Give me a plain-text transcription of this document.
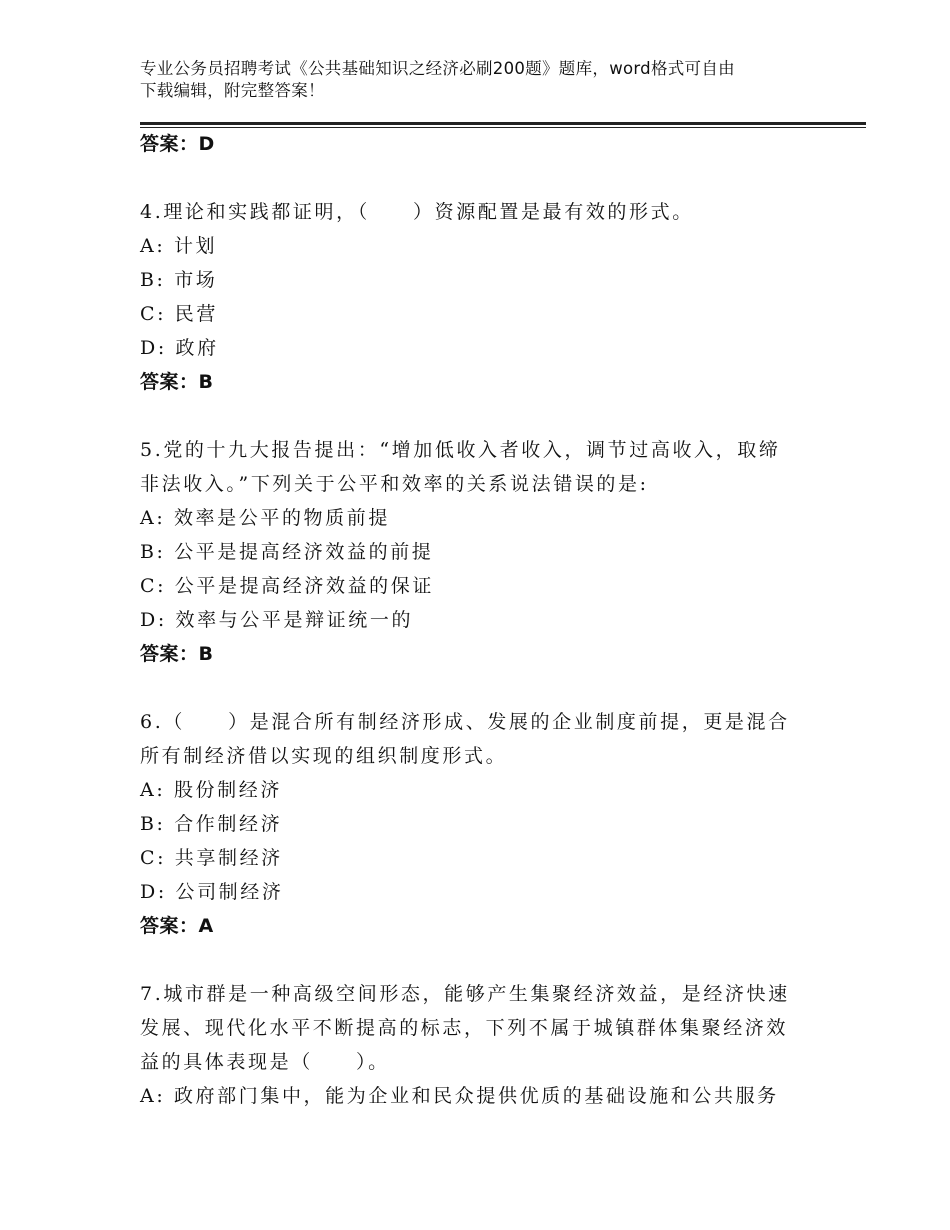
专业公务员招聘考试《公共基础知识之经济必刷200题》题库，word格式可自由
下载编辑，附完整答案！
答案：D
4.理论和实践都证明，（　　）资源配置是最有效的形式。
A: 计划
B: 市场
C: 民营
D: 政府
答案：B
5.党的十九大报告提出：“增加低收入者收入，调节过高收入，取缔
非法收入。”下列关于公平和效率的关系说法错误的是:
A: 效率是公平的物质前提
B: 公平是提高经济效益的前提
C: 公平是提高经济效益的保证
D: 效率与公平是辩证统一的
答案：B
6.（　　）是混合所有制经济形成、发展的企业制度前提，更是混合
所有制经济借以实现的组织制度形式。
A: 股份制经济
B: 合作制经济
C: 共享制经济
D: 公司制经济
答案：A
7.城市群是一种高级空间形态，能够产生集聚经济效益，是经济快速
发展、现代化水平不断提高的标志，下列不属于城镇群体集聚经济效
益的具体表现是（　　）。
A: 政府部门集中，能为企业和民众提供优质的基础设施和公共服务
